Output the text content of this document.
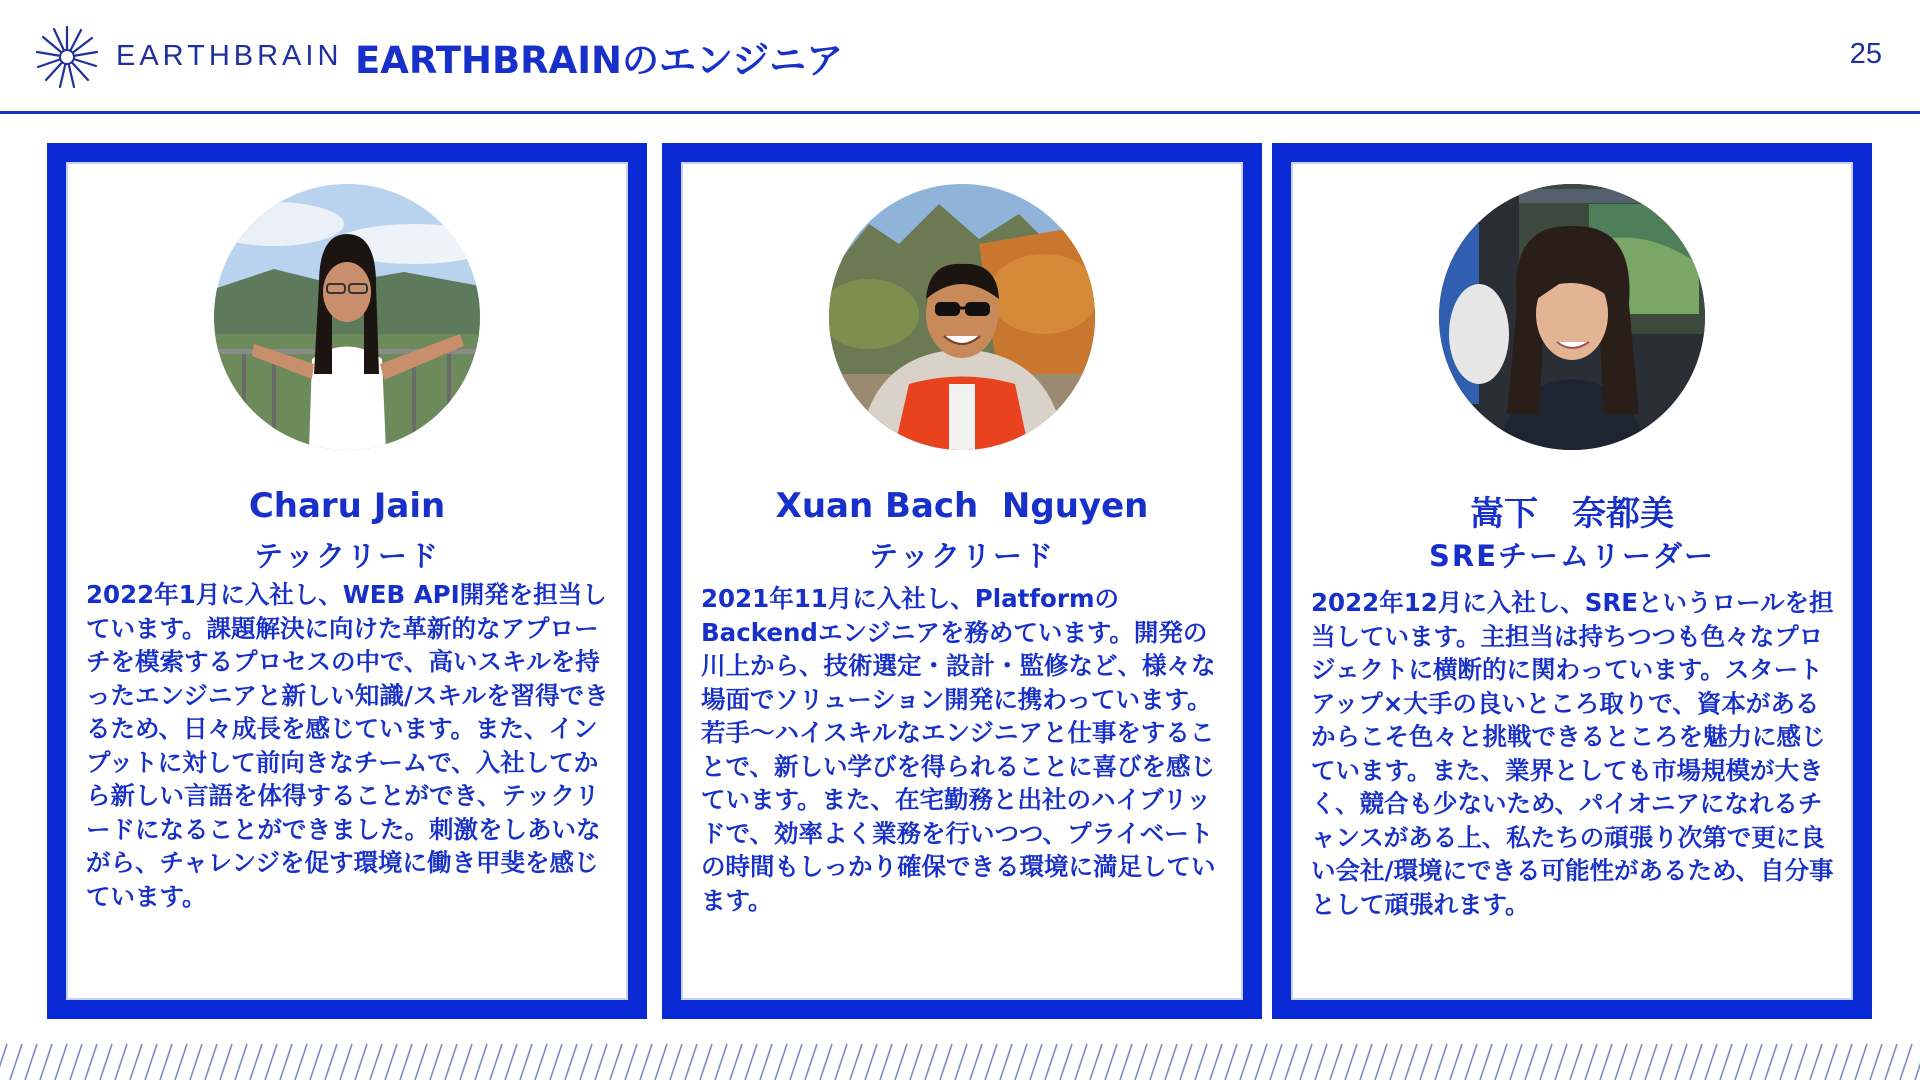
EARTHBRAIN EARTHBRAINのエンジニア	25
Charu Jain
テックリード
2022年1月に入社し、WEB API開発を担当しています。課題解決に向けた革新的なアプローチを模索するプロセスの中で、高いスキルを持ったエンジニアと新しい知識/スキルを習得できるため、日々成長を感じています。また、インプットに対して前向きなチームで、入社してから新しい言語を体得することができ、テックリードになることができました。刺激をしあいながら、チャレンジを促す環境に働き甲斐を感じています。
Xuan Bach  Nguyen
テックリード
2021年11月に入社し、PlatformのBackendエンジニアを務めています。開発の川上から、技術選定・設計・監修など、様々な場面でソリューション開発に携わっています。若手〜ハイスキルなエンジニアと仕事をすることで、新しい学びを得られることに喜びを感じています。また、在宅勤務と出社のハイブリッドで、効率よく業務を行いつつ、プライベートの時間もしっかり確保できる環境に満足しています。
嵩下　奈都美
SREチームリーダー
2022年12月に入社し、SREというロールを担当しています。主担当は持ちつつも色々なプロジェクトに横断的に関わっています。スタートアップ×大手の良いところ取りで、資本があるからこそ色々と挑戦できるところを魅力に感じています。また、業界としても市場規模が大きく、競合も少ないため、パイオニアになれるチャンスがある上、私たちの頑張り次第で更に良い会社/環境にできる可能性があるため、自分事として頑張れます。
